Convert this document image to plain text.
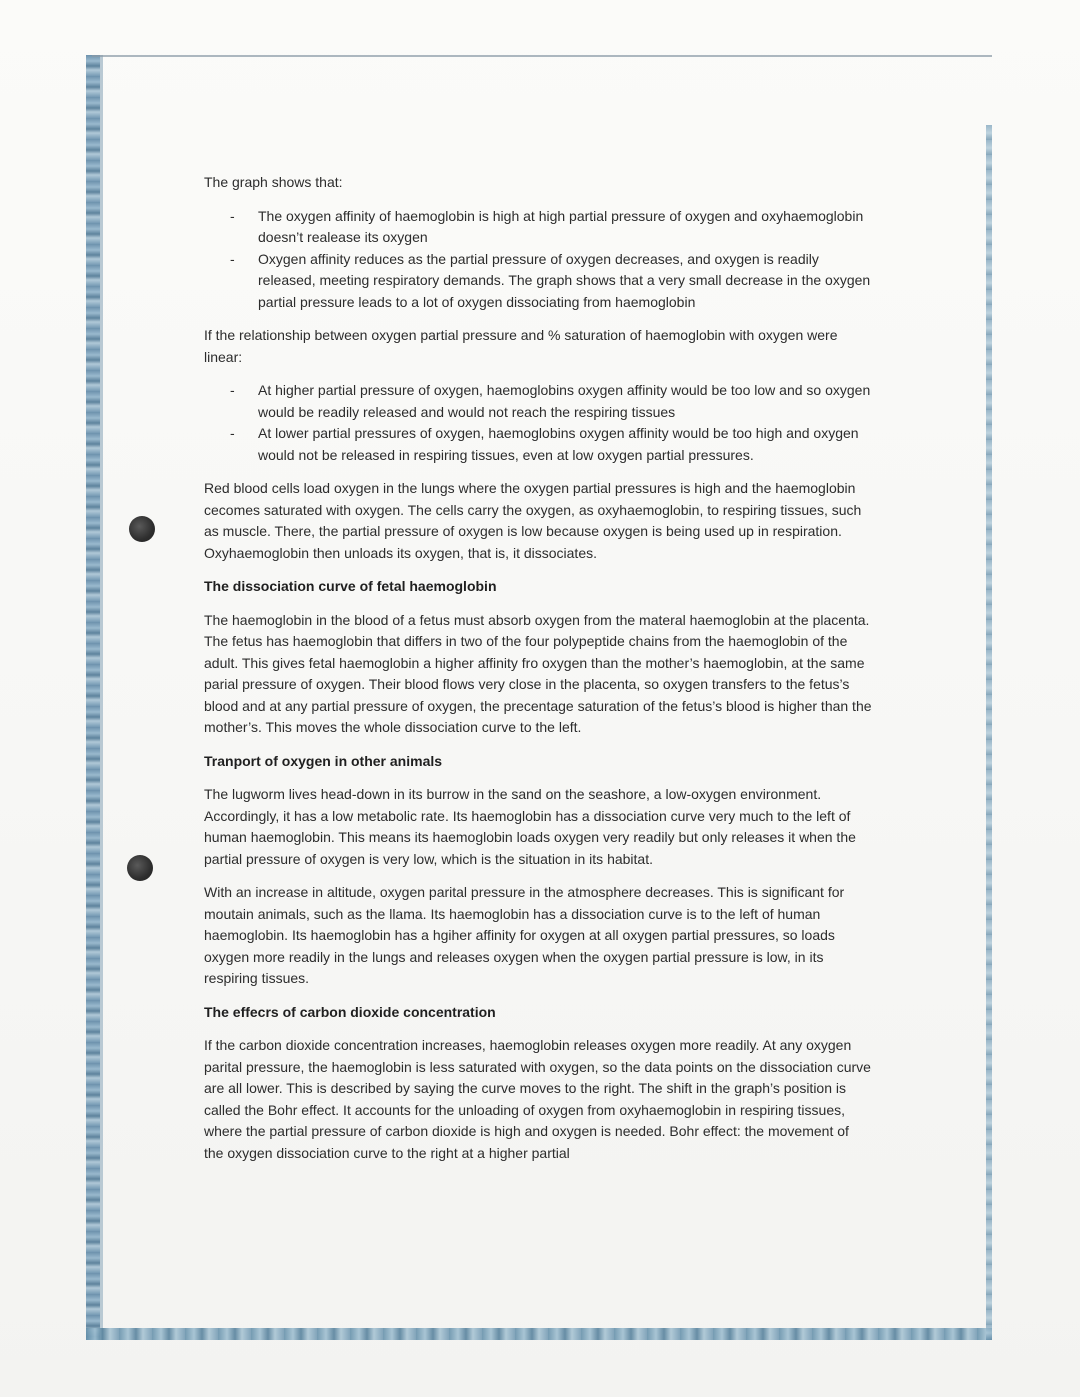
The graph shows that:

- The oxygen affinity of haemoglobin is high at high partial pressure of oxygen and oxyhaemoglobin doesn’t realease its oxygen
- Oxygen affinity reduces as the partial pressure of oxygen decreases, and oxygen is readily released, meeting respiratory demands. The graph shows that a very small decrease in the oxygen partial pressure leads to a lot of oxygen dissociating from haemoglobin

If the relationship between oxygen partial pressure and % saturation of haemoglobin with oxygen were linear:

- At higher partial pressure of oxygen, haemoglobins oxygen affinity would be too low and so oxygen would be readily released and would not reach the respiring tissues
- At lower partial pressures of oxygen, haemoglobins oxygen affinity would be too high and oxygen would not be released in respiring tissues, even at low oxygen partial pressures.

Red blood cells load oxygen in the lungs where the oxygen partial pressures is high and the haemoglobin cecomes saturated with oxygen. The cells carry the oxygen, as oxyhaemoglobin, to respiring tissues, such as muscle. There, the partial pressure of oxygen is low because oxygen is being used up in respiration. Oxyhaemoglobin then unloads its oxygen, that is, it dissociates.

The dissociation curve of fetal haemoglobin

The haemoglobin in the blood of a fetus must absorb oxygen from the materal haemoglobin at the placenta. The fetus has haemoglobin that differs in two of the four polypeptide chains from the haemoglobin of the adult. This gives fetal haemoglobin a higher affinity fro oxygen than the mother’s haemoglobin, at the same parial pressure of oxygen. Their blood flows very close in the placenta, so oxygen transfers to the fetus’s blood and at any partial pressure of oxygen, the precentage saturation of the fetus’s blood is higher than the mother’s. This moves the whole dissociation curve to the left.

Tranport of oxygen in other animals

The lugworm lives head-down in its burrow in the sand on the seashore, a low-oxygen environment. Accordingly, it has a low metabolic rate. Its haemoglobin has a dissociation curve very much to the left of human haemoglobin. This means its haemoglobin loads oxygen very readily but only releases it when the partial pressure of oxygen is very low, which is the situation in its habitat.

With an increase in altitude, oxygen parital pressure in the atmosphere decreases. This is significant for moutain animals, such as the llama. Its haemoglobin has a dissociation curve is to the left of human haemoglobin. Its haemoglobin has a hgiher affinity for oxygen at all oxygen partial pressures, so loads oxygen more readily in the lungs and releases oxygen when the oxygen partial pressure is low, in its respiring tissues.

The effecrs of carbon dioxide concentration

If the carbon dioxide concentration increases, haemoglobin releases oxygen more readily. At any oxygen parital pressure, the haemoglobin is less saturated with oxygen, so the data points on the dissociation curve are all lower. This is described by saying the curve moves to the right. The shift in the graph’s position is called the Bohr effect. It accounts for the unloading of oxygen from oxyhaemoglobin in respiring tissues, where the partial pressure of carbon dioxide is high and oxygen is needed. Bohr effect: the movement of the oxygen dissociation curve to the right at a higher partial
